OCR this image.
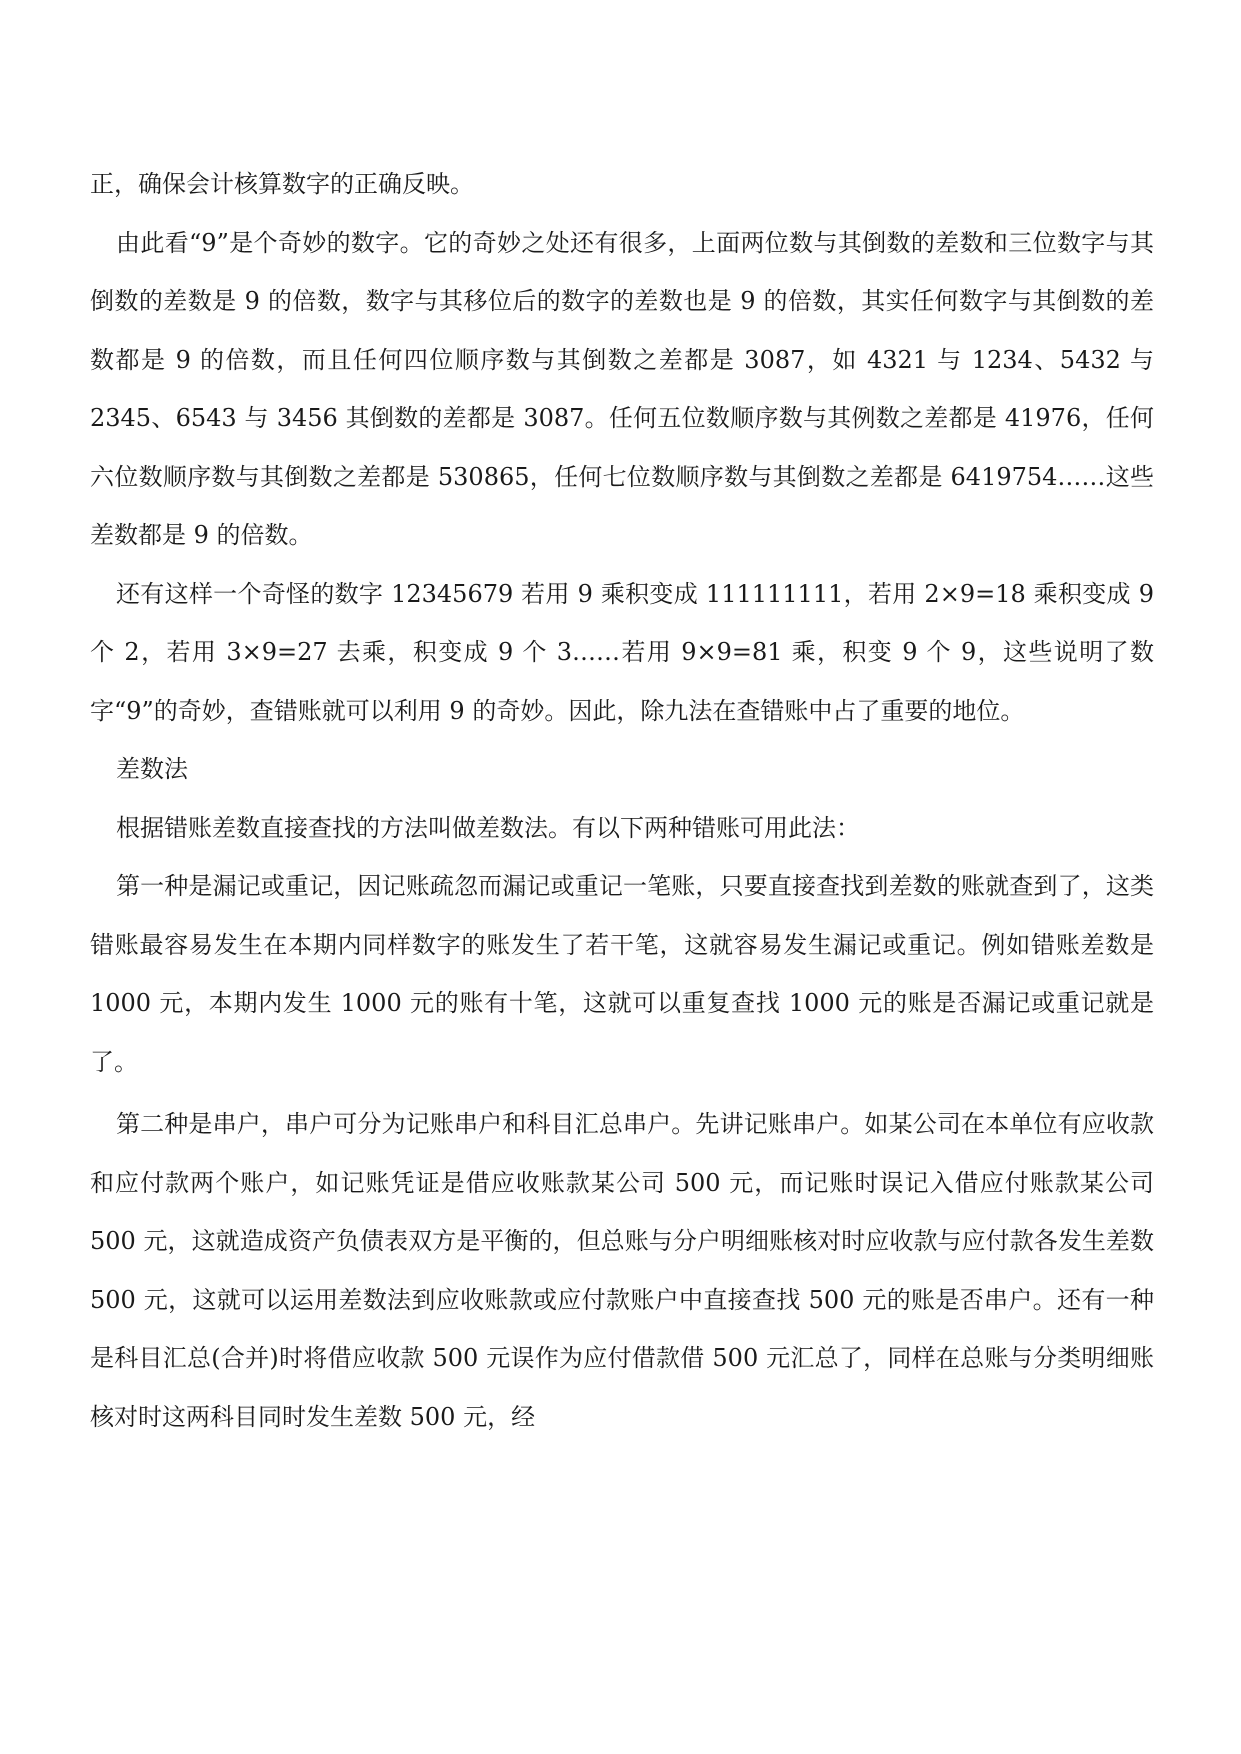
正，确保会计核算数字的正确反映。

由此看“9”是个奇妙的数字。它的奇妙之处还有很多，上面两位数与其倒数的差数和三位数字与其倒数的差数是 9 的倍数，数字与其移位后的数字的差数也是 9 的倍数，其实任何数字与其倒数的差数都是 9 的倍数，而且任何四位顺序数与其倒数之差都是 3087，如 4321 与 1234、5432 与 2345、6543 与 3456 其倒数的差都是 3087。任何五位数顺序数与其例数之差都是 41976，任何六位数顺序数与其倒数之差都是 530865，任何七位数顺序数与其倒数之差都是 6419754……这些差数都是 9 的倍数。

还有这样一个奇怪的数字 12345679 若用 9 乘积变成 111111111，若用 2×9=18 乘积变成 9 个 2，若用 3×9=27 去乘，积变成 9 个 3……若用 9×9=81 乘，积变 9 个 9，这些说明了数字“9”的奇妙，查错账就可以利用 9 的奇妙。因此，除九法在查错账中占了重要的地位。

差数法

根据错账差数直接查找的方法叫做差数法。有以下两种错账可用此法：

第一种是漏记或重记，因记账疏忽而漏记或重记一笔账，只要直接查找到差数的账就查到了，这类错账最容易发生在本期内同样数字的账发生了若干笔，这就容易发生漏记或重记。例如错账差数是 1000 元，本期内发生 1000 元的账有十笔，这就可以重复查找 1000 元的账是否漏记或重记就是了。

第二种是串户，串户可分为记账串户和科目汇总串户。先讲记账串户。如某公司在本单位有应收款和应付款两个账户，如记账凭证是借应收账款某公司 500 元，而记账时误记入借应付账款某公司 500 元，这就造成资产负债表双方是平衡的，但总账与分户明细账核对时应收款与应付款各发生差数 500 元，这就可以运用差数法到应收账款或应付款账户中直接查找 500 元的账是否串户。还有一种是科目汇总(合并)时将借应收款 500 元误作为应付借款借 500 元汇总了，同样在总账与分类明细账核对时这两科目同时发生差数 500 元，经
